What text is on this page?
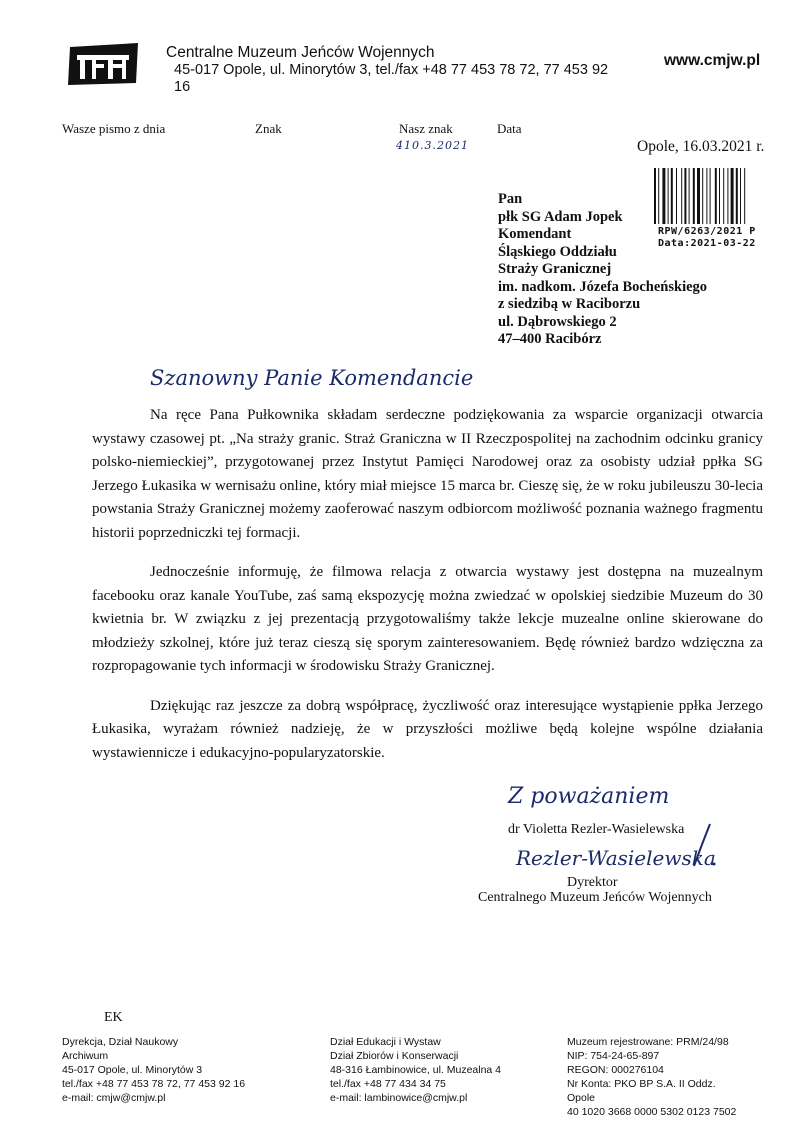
Centralne Muzeum Jeńców Wojennych
45-017 Opole, ul. Minorytów 3, tel./fax +48 77 453 78 72, 77 453 92 16
www.cmjw.pl
Wasze pismo z dnia	Znak	Nasz znak
410.3.2021
Data
Opole, 16.03.2021 r.
RPW/6263/2021 P
Data:2021-03-22
Pan
płk SG Adam Jopek
Komendant
Śląskiego Oddziału
Straży Granicznej
im. nadkom. Józefa Bocheńskiego
z siedzibą w Raciborzu
ul. Dąbrowskiego 2
47–400 Racibórz
Szanowny Panie Komendancie

Na ręce Pana Pułkownika składam serdeczne podziękowania za wsparcie organizacji otwarcia wystawy czasowej pt. „Na straży granic. Straż Graniczna w II Rzeczpospolitej na zachodnim odcinku granicy polsko-niemieckiej”, przygotowanej przez Instytut Pamięci Narodowej oraz za osobisty udział ppłka SG Jerzego Łukasika w wernisażu online, który miał miejsce 15 marca br. Cieszę się, że w roku jubileuszu 30-lecia powstania Straży Granicznej możemy zaoferować naszym odbiorcom możliwość poznania ważnego fragmentu historii poprzedniczki tej formacji.

Jednocześnie informuję, że filmowa relacja z otwarcia wystawy jest dostępna na muzealnym facebooku oraz kanale YouTube, zaś samą ekspozycję można zwiedzać w opolskiej siedzibie Muzeum do 30 kwietnia br. W związku z jej prezentacją przygotowaliśmy także lekcje muzealne online skierowane do młodzieży szkolnej, które już teraz cieszą się sporym zainteresowaniem. Będę również bardzo wdzięczna za rozpropagowanie tych informacji w środowisku Straży Granicznej.

Dziękując raz jeszcze za dobrą współpracę, życzliwość oraz interesujące wystąpienie ppłka Jerzego Łukasika, wyrażam również nadzieję, że w przyszłości możliwe będą kolejne wspólne działania wystawiennicze i edukacyjno-popularyzatorskie.

Z poważaniem
dr Violetta Rezler-Wasielewska
Rezler-Wasielewska
Dyrektor
Centralnego Muzeum Jeńców Wojennych
EK
Dyrekcja, Dział Naukowy
Archiwum
45-017 Opole, ul. Minorytów 3
tel./fax +48 77 453 78 72, 77 453 92 16
e-mail: cmjw@cmjw.pl
Dział Edukacji i Wystaw
Dział Zbiorów i Konserwacji
48-316 Łambinowice, ul. Muzealna 4
tel./fax +48 77 434 34 75
e-mail: lambinowice@cmjw.pl
Muzeum rejestrowane: PRM/24/98
NIP: 754-24-65-897
REGON: 000276104
Nr Konta: PKO BP S.A. II Oddz.
Opole
40 1020 3668 0000 5302 0123 7502
